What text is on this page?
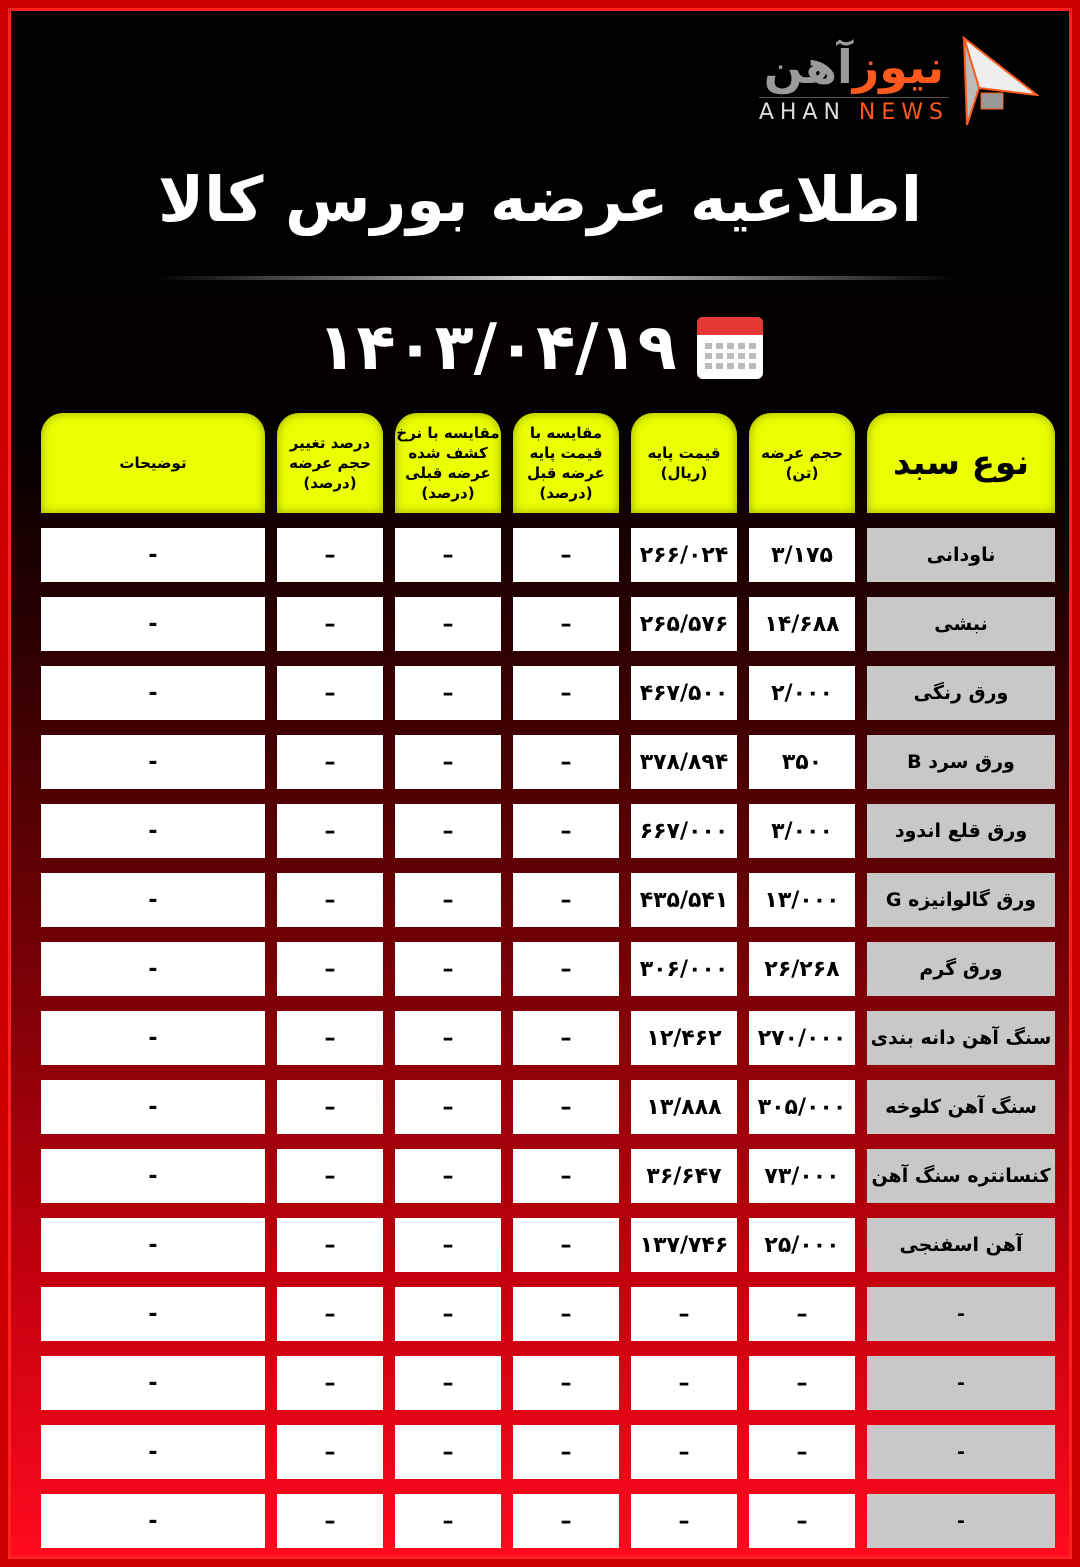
نیوزآهن
AHAN NEWS
اطلاعیه عرضه بورس کالا
۱۴۰۳/۰۴/۱۹
نوع سبد	حجم عرضه (تن)	قیمت پایه (ریال)	مقایسه با قیمت پایه عرضه قبل (درصد)	مقایسه با نرخ کشف شده عرضه قبلی (درصد)	درصد تغییر حجم عرضه (درصد)	توضیحات

ناودانی	۳/۱۷۵	۲۶۶/۰۲۴	–	–	–	-

نبشی	۱۴/۶۸۸	۲۶۵/۵۷۶	–	–	–	-

ورق رنگی	۲/۰۰۰	۴۶۷/۵۰۰	–	–	–	-

ورق سرد B	۳۵۰	۳۷۸/۸۹۴	–	–	–	-

ورق قلع اندود	۳/۰۰۰	۶۶۷/۰۰۰	–	–	–	-

ورق گالوانیزه G	۱۳/۰۰۰	۴۳۵/۵۴۱	–	–	–	-

ورق گرم	۲۶/۲۶۸	۳۰۶/۰۰۰	–	–	–	-

سنگ آهن دانه بندی	۲۷۰/۰۰۰	۱۲/۴۶۲	–	–	–	-

سنگ آهن کلوخه	۳۰۵/۰۰۰	۱۳/۸۸۸	–	–	–	-

کنسانتره سنگ آهن	۷۳/۰۰۰	۳۶/۶۴۷	–	–	–	-

آهن اسفنجی	۲۵/۰۰۰	۱۳۷/۷۴۶	–	–	–	-

-	–	–	–	–	–	-

-	–	–	–	–	–	-

-	–	–	–	–	–	-

-	–	–	–	–	–	-
